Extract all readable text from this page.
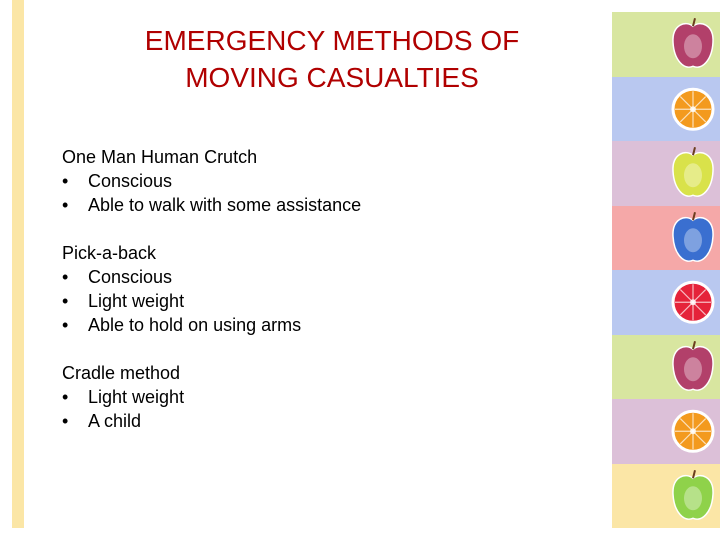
EMERGENCY METHODS OF
MOVING CASUALTIES
One Man Human Crutch
• Conscious
• Able to walk with some assistance
Pick-a-back
• Conscious
• Light weight
• Able to hold on using arms
Cradle method
• Light weight
• A child
